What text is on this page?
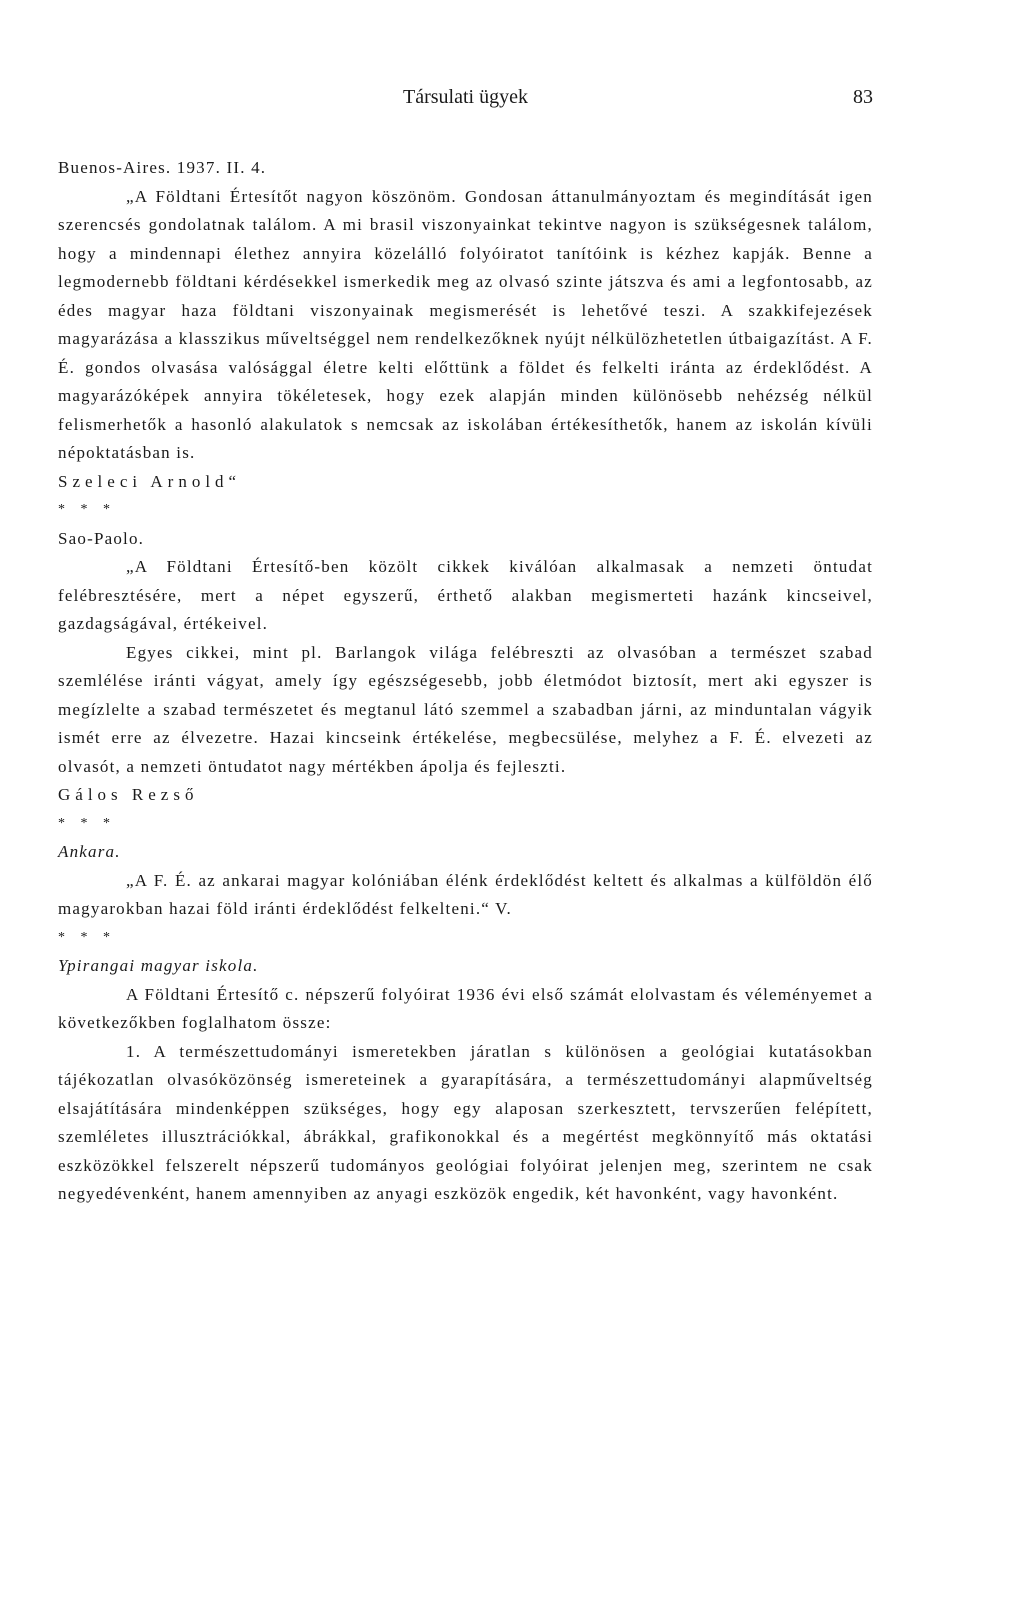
Társulati ügyek	83

Buenos-Aires. 1937. II. 4.

„A Földtani Értesítőt nagyon köszönöm. Gondosan áttanulmányoztam és megindítását igen szerencsés gondolatnak találom. A mi brasil viszonyainkat tekintve nagyon is szükségesnek találom, hogy a mindennapi élethez annyira közelálló folyóiratot tanítóink is kézhez kapják. Benne a legmodernebb földtani kérdésekkel ismerkedik meg az olvasó szinte játszva és ami a legfontosabb, az édes magyar haza földtani viszonyainak megismerését is lehetővé teszi. A szakkifejezések magyarázása a klasszikus műveltséggel nem rendelkezőknek nyújt nélkülözhetetlen útbaigazítást. A F. É. gondos olvasása valósággal életre kelti előttünk a földet és felkelti iránta az érdeklődést. A magyarázóképek annyira tökéletesek, hogy ezek alapján minden különösebb nehézség nélkül felismerhetők a hasonló alakulatok s nemcsak az iskolában értékesíthetők, hanem az iskolán kívüli népoktatásban is.

Szeleci Arnold“

* * *

Sao-Paolo.

„A Földtani Értesítő-ben közölt cikkek kiválóan alkalmasak a nemzeti öntudat felébresztésére, mert a népet egyszerű, érthető alakban megismerteti hazánk kincseivel, gazdagságával, értékeivel.

Egyes cikkei, mint pl. Barlangok világa felébreszti az olvasóban a természet szabad szemlélése iránti vágyat, amely így egészségesebb, jobb életmódot biztosít, mert aki egyszer is megízlelte a szabad természetet és megtanul látó szemmel a szabadban járni, az minduntalan vágyik ismét erre az élvezetre. Hazai kincseink értékelése, megbecsülése, melyhez a F. É. elvezeti az olvasót, a nemzeti öntudatot nagy mértékben ápolja és fejleszti.

Gálos Rezső

* * *

Ankara.

„A F. É. az ankarai magyar kolóniában élénk érdeklődést keltett és alkalmas a külföldön élő magyarokban hazai föld iránti érdeklődést felkelteni.“ V.

* * *

Ypirangai magyar iskola.

A Földtani Értesítő c. népszerű folyóirat 1936 évi első számát elolvastam és véleményemet a következőkben foglalhatom össze:

1. A természettudományi ismeretekben járatlan s különösen a geológiai kutatásokban tájékozatlan olvasóközönség ismereteinek a gyarapítására, a természettudományi alapműveltség elsajátítására mindenképpen szükséges, hogy egy alaposan szerkesztett, tervszerűen felépített, szemléletes illusztrációkkal, ábrákkal, grafikonokkal és a megértést megkönnyítő más oktatási eszközökkel felszerelt népszerű tudományos geológiai folyóirat jelenjen meg, szerintem ne csak negyedévenként, hanem amennyiben az anyagi eszközök engedik, két havonként, vagy havonként.
